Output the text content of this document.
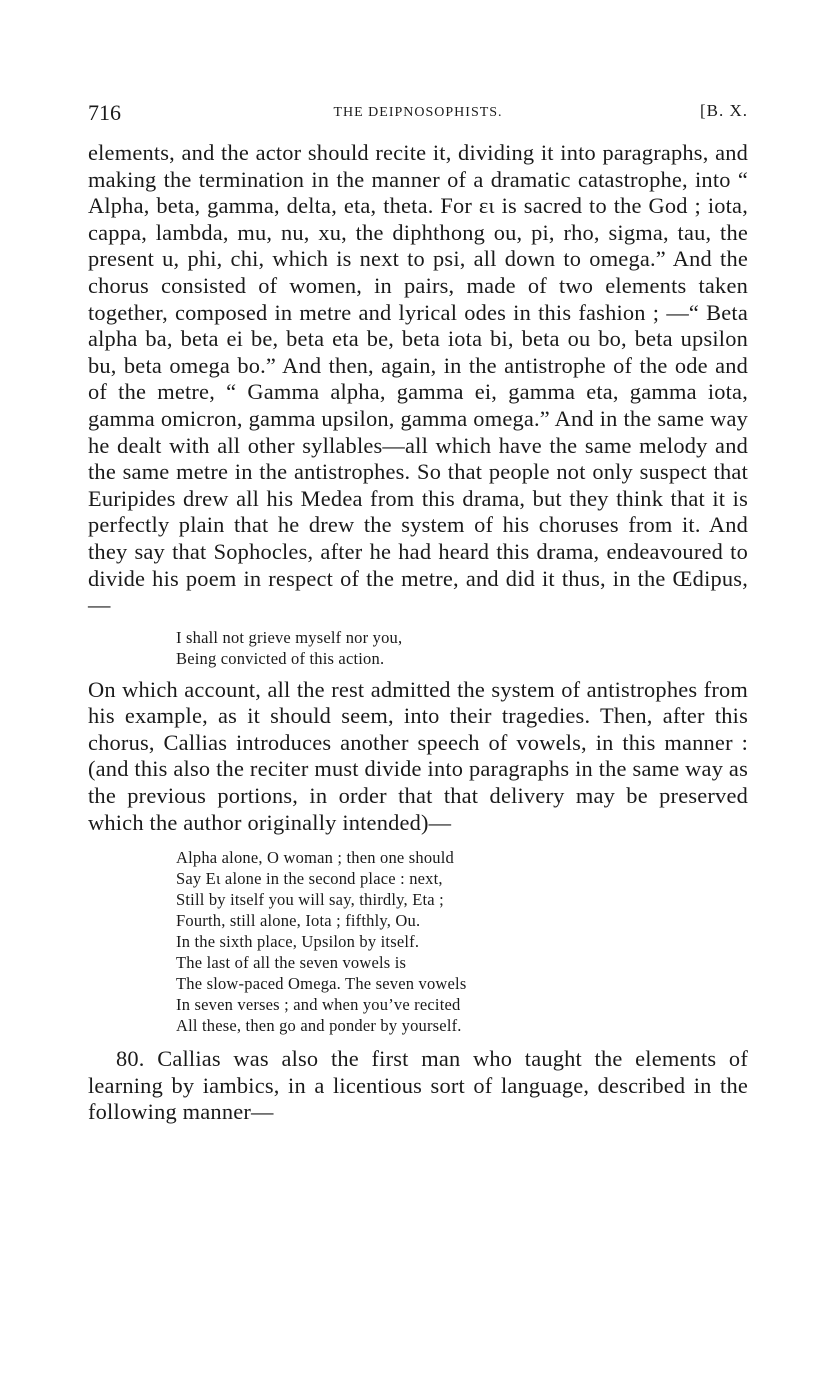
716	THE DEIPNOSOPHISTS.	[B. X.

elements, and the actor should recite it, dividing it into paragraphs, and making the termination in the manner of a dramatic catastrophe, into “ Alpha, beta, gamma, delta, eta, theta. For ει is sacred to the God ; iota, cappa, lambda, mu, nu, xu, the diphthong ou, pi, rho, sigma, tau, the present u, phi, chi, which is next to psi, all down to omega.” And the chorus consisted of women, in pairs, made of two elements taken together, composed in metre and lyrical odes in this fashion ; —“ Beta alpha ba, beta ei be, beta eta be, beta iota bi, beta ou bo, beta upsilon bu, beta omega bo.” And then, again, in the antistrophe of the ode and of the metre, “ Gamma alpha, gamma ei, gamma eta, gamma iota, gamma omicron, gamma upsilon, gamma omega.” And in the same way he dealt with all other syllables—all which have the same melody and the same metre in the antistrophes. So that people not only suspect that Euripides drew all his Medea from this drama, but they think that it is perfectly plain that he drew the system of his choruses from it. And they say that Sophocles, after he had heard this drama, endeavoured to divide his poem in respect of the metre, and did it thus, in the Œdipus,—

I shall not grieve myself nor you,
Being convicted of this action.

On which account, all the rest admitted the system of antistrophes from his example, as it should seem, into their tragedies. Then, after this chorus, Callias introduces another speech of vowels, in this manner : (and this also the reciter must divide into paragraphs in the same way as the previous portions, in order that that delivery may be preserved which the author originally intended)—

Alpha alone, O woman ; then one should
Say Ει alone in the second place : next,
Still by itself you will say, thirdly, Eta ;
Fourth, still alone, Iota ; fifthly, Ou.
In the sixth place, Upsilon by itself.
The last of all the seven vowels is
The slow-paced Omega. The seven vowels
In seven verses ; and when you’ve recited
All these, then go and ponder by yourself.

80. Callias was also the first man who taught the elements of learning by iambics, in a licentious sort of language, described in the following manner—
